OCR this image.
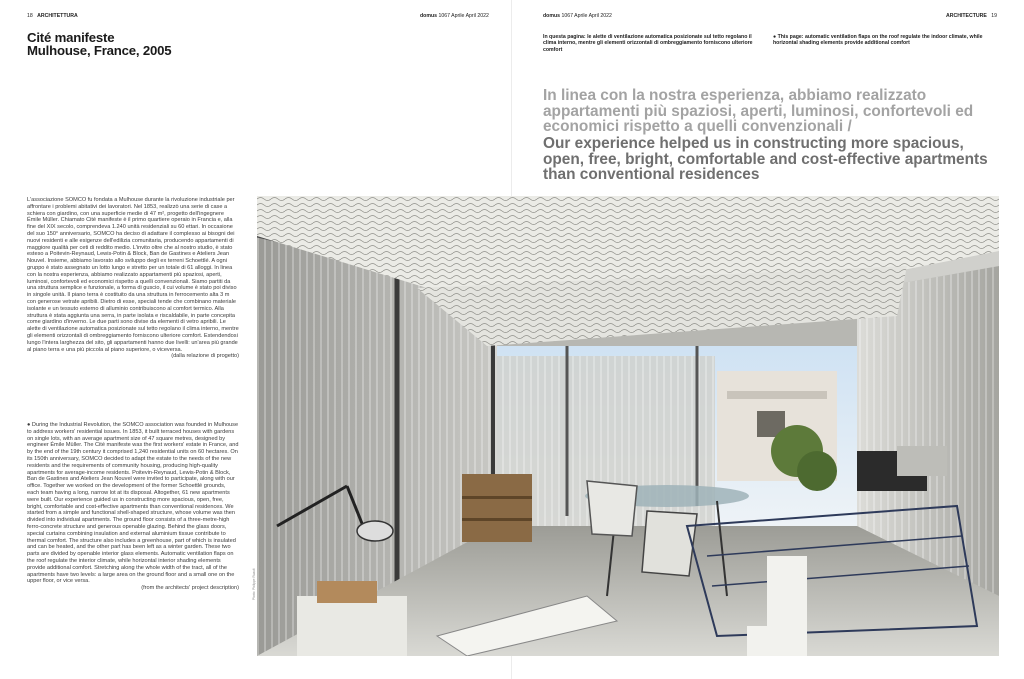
18 ARCHITETTURA	domus 1067 Aprile April 2022	domus 1067 Aprile April 2022	ARCHITECTURE 19
Cité manifeste
Mulhouse, France, 2005
In questa pagina: le alette di ventilazione automatica posizionate sul tetto regolano il clima interno, mentre gli elementi orizzontali di ombreggiamento forniscono ulteriore comfort
● This page: automatic ventilation flaps on the roof regulate the indoor climate, while horizontal shading elements provide additional comfort
In linea con la nostra esperienza, abbiamo realizzato appartamenti più spaziosi, aperti, luminosi, confortevoli ed economici rispetto a quelli convenzionali /
Our experience helped us in constructing more spacious, open, free, bright, comfortable and cost-effective apartments than conventional residences
L'associazione SOMCO fu fondata a Mulhouse durante la rivoluzione industriale per affrontare i problemi abitativi dei lavoratori. Nel 1853, realizzò una serie di case a schiera con giardino, con una superficie medie di 47 m², progetto dell'ingegnere Émile Müller. Chiamato Cité manifeste è il primo quartiere operaio in Francia e, alla fine del XIX secolo, comprendeva 1.240 unità residenziali su 60 ettari. In occasione del suo 150° anniversario, SOMCO ha deciso di adattare il complesso ai bisogni dei nuovi residenti e alle esigenze dell'edilizia comunitaria, producendo appartamenti di maggiore qualità per ceti di reddito medio. L'invito oltre che al nostro studio, è stato esteso a Poitevin-Reynaud, Lewis-Potin & Block, Ban de Gastines e Ateliers Jean Nouvel. Insieme, abbiamo lavorato allo sviluppo degli ex terreni Schoettlé. A ogni gruppo è stato assegnato un lotto lungo e stretto per un totale di 61 alloggi. In linea con la nostra esperienza, abbiamo realizzato appartamenti più spaziosi, aperti, luminosi, confortevoli ed economici rispetto a quelli convenzionali. Siamo partiti da una struttura semplice e funzionale, a forma di guscio, il cui volume è stato poi diviso in singole unità. Il piano terra è costituito da una struttura in ferrocemento alta 3 m con generose vetrate apribili. Dietro di esse, speciali tende che combinano materiale isolante e un tessuto esterno di alluminio contribuiscono al comfort termico. Alla struttura è stata aggiunta una serra, in parte isolata e riscaldabile, in parte concepita come giardino d'inverno. Le due parti sono divise da elementi di vetro apribili. Le alette di ventilazione automatica posizionate sul tetto regolano il clima interno, mentre gli elementi orizzontali di ombreggiamento forniscono ulteriore comfort. Estendendosi lungo l'intera larghezza del sito, gli appartamenti hanno due livelli: un'area più grande al piano terra e una più piccola al piano superiore, o viceversa.
(dalla relazione di progetto)
● During the Industrial Revolution, the SOMCO association was founded in Mulhouse to address workers' residential issues. In 1853, it built terraced houses with gardens on single lots, with an average apartment size of 47 square metres, designed by engineer Émile Müller. The Cité manifeste was the first workers' estate in France, and by the end of the 19th century it comprised 1,240 residential units on 60 hectares. On its 150th anniversary, SOMCO decided to adapt the estate to the needs of the new residents and the requirements of community housing, producing high-quality apartments for average-income residents. Poitevin-Reynaud, Lewis-Potin & Block, Ban de Gastines and Ateliers Jean Nouvel were invited to participate, along with our office. Together we worked on the development of the former Schoettlé grounds, each team having a long, narrow lot at its disposal. Altogether, 61 new apartments were built. Our experience guided us in constructing more spacious, open, free, bright, comfortable and cost-effective apartments than conventional residences. We started from a simple and functional shell-shaped structure, whose volume was then divided into individual apartments. The ground floor consists of a three-metre-high ferro-concrete structure and generous openable glazing. Behind the glass doors, special curtains combining insulation and external aluminium tissue contribute to thermal comfort. The structure also includes a greenhouse, part of which is insulated and can be heated, and the other part has been left as a winter garden. These two parts are divided by openable interior glass elements. Automatic ventilation flaps on the roof regulate the interior climate, while horizontal interior shading elements provide additional comfort. Stretching along the whole width of the tract, all of the apartments have two levels: a large area on the ground floor and a small one on the upper floor, or vice versa.
(from the architects' project description)	Photo: Philippe Ruault
